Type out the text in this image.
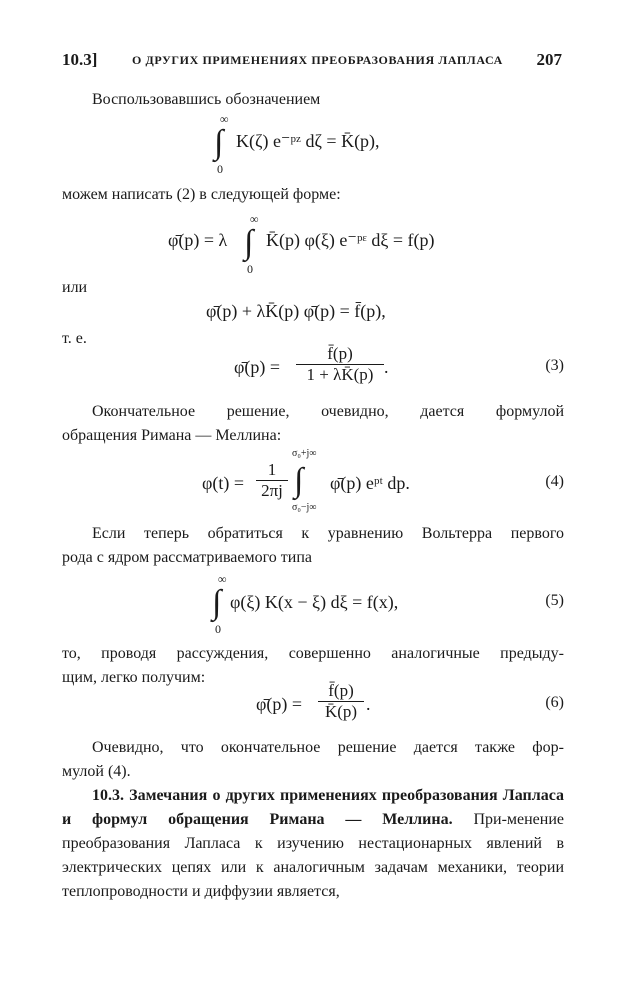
10.3]	О ДРУГИХ ПРИМЕНЕНИЯХ ПРЕОБРАЗОВАНИЯ ЛАПЛАСА 207

Воспользовавшись обозначением

∞
∫
0
K(ζ) e⁻ᵖᶻ dζ = K̄(p),

можем написать (2) в следующей форме:

φ̄(p) = λ
∞
∫
0
K̄(p) φ(ξ) e⁻ᵖᵋ dξ = f(p)

или

φ̄(p) + λK̄(p) φ̄(p) = f̄(p),

т. е.

φ̄(p) = $\frac{f̄(p)}{1 + \lambda K̄(p)}$ .	(3)
Окончательное решение, очевидно, дается формулой
обращения Римана — Меллина:
$\varphi(t) = \frac{1}{2\pi j}$
σ₀+j∞
∫
σ₀−j∞
φ̄(p) eᵖᵗ dp.	(4)
Если теперь обратиться к уравнению Вольтерра первого
рода с ядром рассматриваемого типа
∞
∫
0
φ(ξ) K(x − ξ) dξ = f(x),	(5)
то, проводя рассуждения, совершенно аналогичные предыду-
щим, легко получим:
φ̄(p) = $\frac{f̄(p)}{K̄(p)}$ .	(6)
Очевидно, что окончательное решение дается также фор-
мулой (4).

10.3. Замечания о других применениях преобразования Лапласа и формул обращения Римана — Меллина. При-менение преобразования Лапласа к изучению нестационарных явлений в электрических цепях или к аналогичным задачам механики, теории теплопроводности и диффузии является,
